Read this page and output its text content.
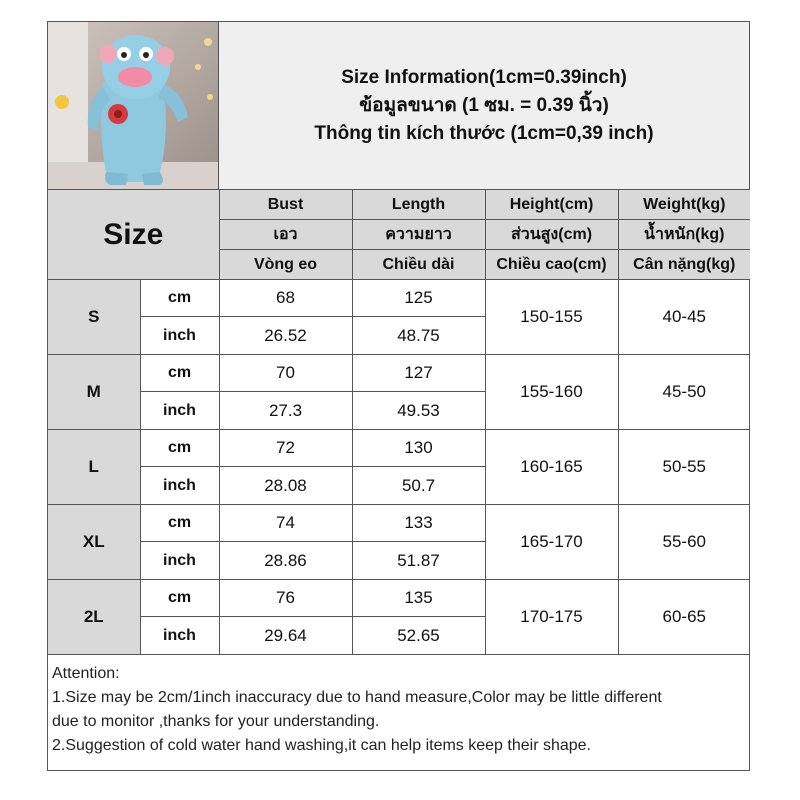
Size Information(1cm=0.39inch)
ข้อมูลขนาด (1 ซม. = 0.39 นิ้ว)
Thông tin kích thước (1cm=0,39 inch)
Size		Bust	Length	Height(cm)	Weight(kg)
		เอว	ความยาว	ส่วนสูง(cm)	น้ำหนัก(kg)
		Vòng eo	Chiều dài	Chiều cao(cm)	Cân nặng(kg)
S	cm	68	125	150-155	40-45
	inch	26.52	48.75		
M	cm	70	127	155-160	45-50
	inch	27.3	49.53		
L	cm	72	130	160-165	50-55
	inch	28.08	50.7		
XL	cm	74	133	165-170	55-60
	inch	28.86	51.87		
2L	cm	76	135	170-175	60-65
	inch	29.64	52.65		

Attention:

1.Size may be 2cm/1inch inaccuracy due to hand measure,Color may be little different

due to monitor ,thanks for your understanding.

2.Suggestion of cold water hand washing,it can help items keep their shape.
